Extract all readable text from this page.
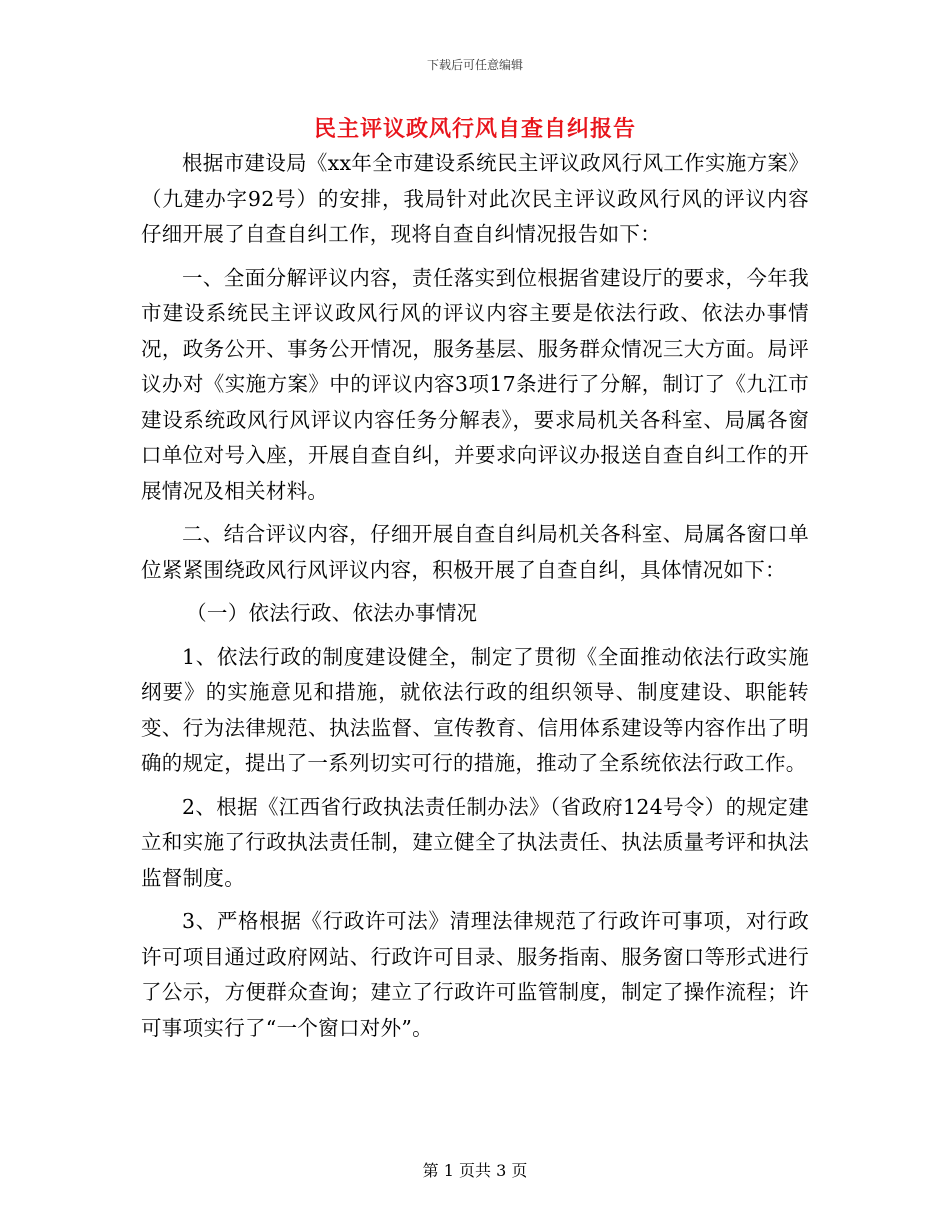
下载后可任意编辑
民主评议政风行风自查自纠报告

根据市建设局《xx年全市建设系统民主评议政风行风工作实施方案》（九建办字92号）的安排，我局针对此次民主评议政风行风的评议内容仔细开展了自查自纠工作，现将自查自纠情况报告如下：

一、全面分解评议内容，责任落实到位根据省建设厅的要求，今年我市建设系统民主评议政风行风的评议内容主要是依法行政、依法办事情况，政务公开、事务公开情况，服务基层、服务群众情况三大方面。局评议办对《实施方案》中的评议内容3项17条进行了分解，制订了《九江市建设系统政风行风评议内容任务分解表》，要求局机关各科室、局属各窗口单位对号入座，开展自查自纠，并要求向评议办报送自查自纠工作的开展情况及相关材料。

二、结合评议内容，仔细开展自查自纠局机关各科室、局属各窗口单位紧紧围绕政风行风评议内容，积极开展了自查自纠，具体情况如下：

（一）依法行政、依法办事情况

1、依法行政的制度建设健全，制定了贯彻《全面推动依法行政实施纲要》的实施意见和措施，就依法行政的组织领导、制度建设、职能转变、行为法律规范、执法监督、宣传教育、信用体系建设等内容作出了明确的规定，提出了一系列切实可行的措施，推动了全系统依法行政工作。

2、根据《江西省行政执法责任制办法》（省政府124号令）的规定建立和实施了行政执法责任制，建立健全了执法责任、执法质量考评和执法监督制度。

3、严格根据《行政许可法》清理法律规范了行政许可事项，对行政许可项目通过政府网站、行政许可目录、服务指南、服务窗口等形式进行了公示，方便群众查询；建立了行政许可监管制度，制定了操作流程；许可事项实行了“一个窗口对外”。

第 1 页共 3 页
